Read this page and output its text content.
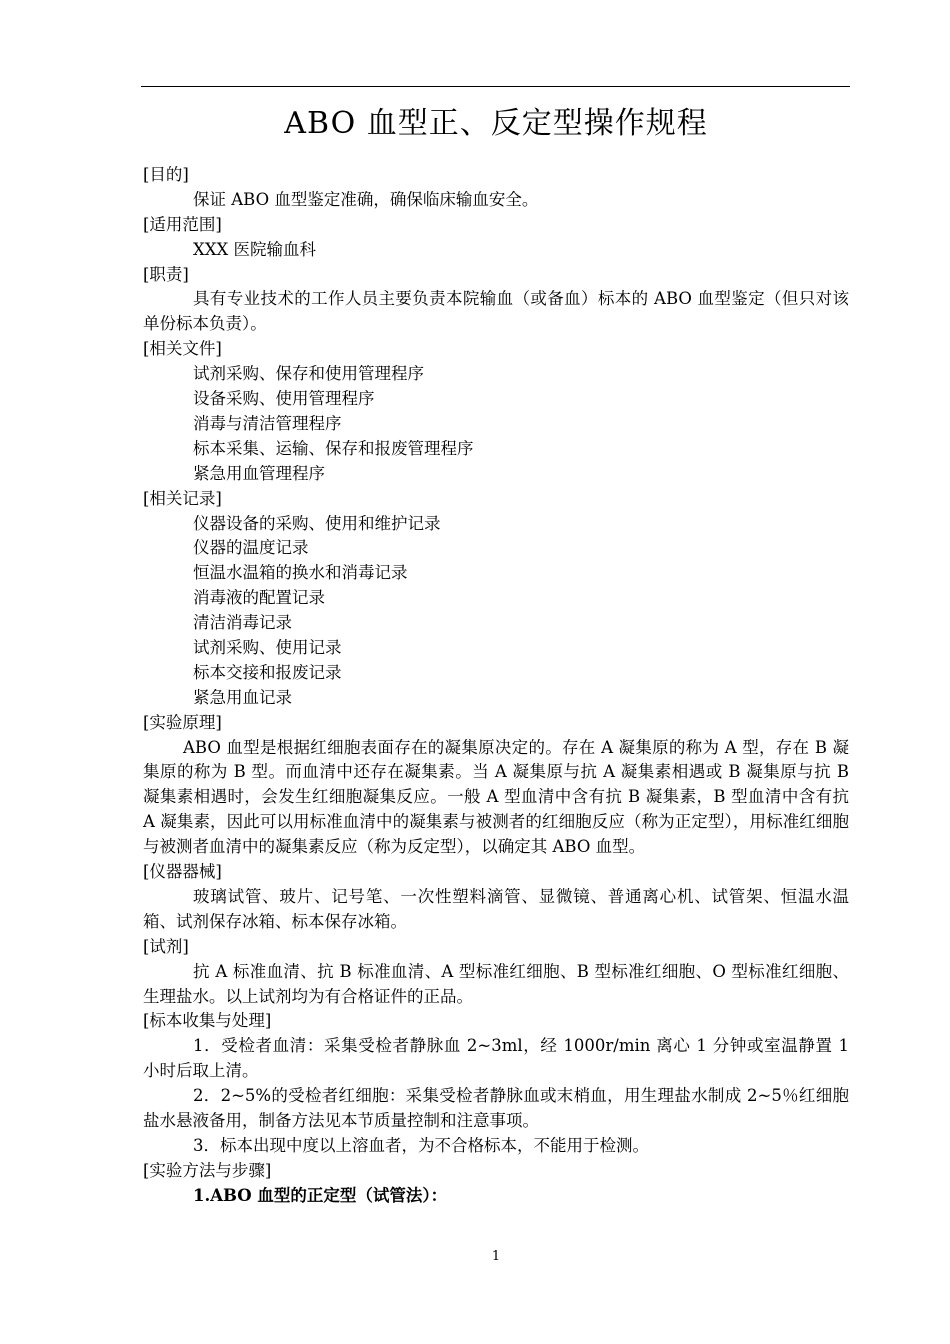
ABO 血型正、反定型操作规程
[目的]
保证 ABO 血型鉴定准确，确保临床输血安全。
[适用范围]
XXX 医院输血科
[职责]

具有专业技术的工作人员主要负责本院输血（或备血）标本的 ABO 血型鉴定（但只对该单份标本负责）。

[相关文件]
试剂采购、保存和使用管理程序
设备采购、使用管理程序
消毒与清洁管理程序
标本采集、运输、保存和报废管理程序
紧急用血管理程序
[相关记录]
仪器设备的采购、使用和维护记录
仪器的温度记录
恒温水温箱的换水和消毒记录
消毒液的配置记录
清洁消毒记录
试剂采购、使用记录
标本交接和报废记录
紧急用血记录
[实验原理]

ABO 血型是根据红细胞表面存在的凝集原决定的。存在 A 凝集原的称为 A 型，存在 B 凝集原的称为 B 型。而血清中还存在凝集素。当 A 凝集原与抗 A 凝集素相遇或 B 凝集原与抗 B 凝集素相遇时，会发生红细胞凝集反应。一般 A 型血清中含有抗 B 凝集素，B 型血清中含有抗 A 凝集素，因此可以用标准血清中的凝集素与被测者的红细胞反应（称为正定型），用标准红细胞与被测者血清中的凝集素反应（称为反定型），以确定其 ABO 血型。

[仪器器械]

玻璃试管、玻片、记号笔、一次性塑料滴管、显微镜、普通离心机、试管架、恒温水温箱、试剂保存冰箱、标本保存冰箱。

[试剂]

抗 A 标准血清、抗 B 标准血清、A 型标准红细胞、B 型标准红细胞、O 型标准红细胞、生理盐水。以上试剂均为有合格证件的正品。

[标本收集与处理]

1．受检者血清：采集受检者静脉血 2~3ml，经 1000r/min 离心 1 分钟或室温静置 1 小时后取上清。

2．2~5%的受检者红细胞：采集受检者静脉血或末梢血，用生理盐水制成 2~5％红细胞盐水悬液备用，制备方法见本节质量控制和注意事项。

3．标本出现中度以上溶血者，为不合格标本，不能用于检测。

[实验方法与步骤]
1.ABO 血型的正定型（试管法）：
1
